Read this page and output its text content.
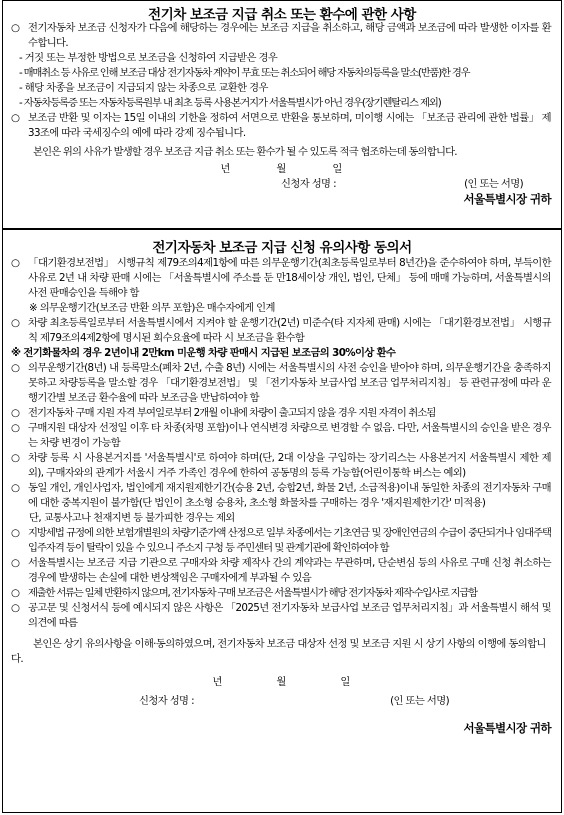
전기차 보조금 지급 취소 또는 환수에 관한 사항
○ 전기자동차 보조금 신청자가 다음에 해당하는 경우에는 보조금 지급을 취소하고, 해당 금액과 보조금에 따라 발생한 이자를 환수합니다.
- 거짓 또는 부정한 방법으로 보조금을 신청하여 지급받은 경우
- 매매취소 등 사유로 인해 보조금 대상 전기자동차 계약이 무효 또는 취소되어 해당 자동차의등록을 말소(반품)한 경우
- 해당 차종을 보조금이 지급되지 않는 차종으로 교환한 경우
- 자동차등록증 또는 자동차등록원부 내 최초 등록 사용본거지가 서울특별시가 아닌 경우(장기렌탈리스 제외)
○ 보조금 반환 및 이자는 15일 이내의 기한을 정하여 서면으로 반환을 통보하며, 미이행 시에는 「보조금 관리에 관한 법률」 제33조에 따라 국세징수의 예에 따라 강제 징수됩니다.
본인은 위의 사유가 발생할 경우 보조금 지급 취소 또는 환수가 될 수 있도록 적극 협조하는데 동의합니다.
년	월	일
신청자 성명 :	(인 또는 서명)
서울특별시장 귀하
전기자동차 보조금 지급 신청 유의사항 동의서
○ 「대기환경보전법」 시행규칙 제79조의4제1항에 따른 의무운행기간(최초등록일로부터 8년간)을 준수하여야 하며, 부득이한 사유로 2년 내 차량 판매 시에는 「서울특별시에 주소를 둔 만18세이상 개인, 법인, 단체」 등에 매매 가능하며, 서울특별시의 사전 판매승인을 득해야 함
※ 의무운행기간(보조금 반환 의무 포함)은 매수자에게 인계
○ 차량 최초등록일로부터 서울특별시에서 지켜야 할 운행기간(2년) 미준수(타 지자체 판매) 시에는 「대기환경보전법」 시행규칙 제79조의4제2항에 명시된 회수요율에 따라 시 보조금을 환수함
※ 전기화물차의 경우 2년이내 2만km 미운행 차량 판매시 지급된 보조금의 30%이상 환수
○ 의무운행기간(8년) 내 등록말소(폐차 2년, 수출 8년) 시에는 서울특별시의 사전 승인을 받아야 하며, 의무운행기간을 충족하지 못하고 차량등록을 말소할 경우 「대기환경보전법」 및 「전기자동차 보급사업 보조금 업무처리지침」 등 관련규정에 따라 운행기간별 보조금 환수율에 따라 보조금을 반납하여야 함
○ 전기자동차 구매 지원 자격 부여일로부터 2개월 이내에 차량이 출고되지 않을 경우 지원 자격이 취소됨
○ 구매지원 대상자 선정일 이후 타 차종(차명 포함)이나 연식변경 차량으로 변경할 수 없음. 다만, 서울특별시의 승인을 받은 경우는 차량 변경이 가능함
○ 차량 등록 시 사용본거지를 '서울특별시'로 하여야 하며(단, 2대 이상을 구입하는 장기리스는 사용본거지 서울특별시 제한 제외), 구매자와의 관계가 서울시 거주 가족인 경우에 한하여 공동명의 등록 가능함(어린이통학 버스는 예외)
○ 동일 개인, 개인사업자, 법인에게 재지원제한기간(승용 2년, 승합2년, 화물 2년, 소급적용)이내 동일한 차종의 전기자동차 구매에 대한 중복지원이 불가함(단 법인이 초소형 승용차, 초소형 화물차를 구매하는 경우 '재지원제한기간' 미적용)
단, 교통사고나 천재지변 등 불가피한 경우는 제외
○ 지방세법 규정에 의한 보험개별원의 차량기준가액 산정으로 일부 차종에서는 기초연금 및 장애인연금의 수급이 중단되거나 임대주택 입주자격 등이 탈락이 있을 수 있으니 주소지 구청 등 주민센터 및 관계기관에 확인하여야 함
○ 서울특별시는 보조금 지급 기관으로 구매자와 차량 제작사 간의 계약과는 무관하며, 단순변심 등의 사유로 구매 신청 취소하는 경우에 발생하는 손실에 대한 변상책임은 구매자에게 부과될 수 있음
○ 제출한 서류는 일체 반환하지 않으며, 전기자동차 구매 보조금은 서울특별시가 해당 전기자동차 제작·수입사로 지급함
○ 공고문 및 신청서식 등에 예시되지 않은 사항은 「2025년 전기자동차 보급사업 보조금 업무처리지침」과 서울특별시 해석 및 의견에 따름
본인은 상기 유의사항을 이해·동의하였으며, 전기자동차 보조금 대상자 선정 및 보조금 지원 시 상기 사항의 이행에 동의합니다.
년	월	일
신청자 성명 :	(인 또는 서명)
서울특별시장 귀하
